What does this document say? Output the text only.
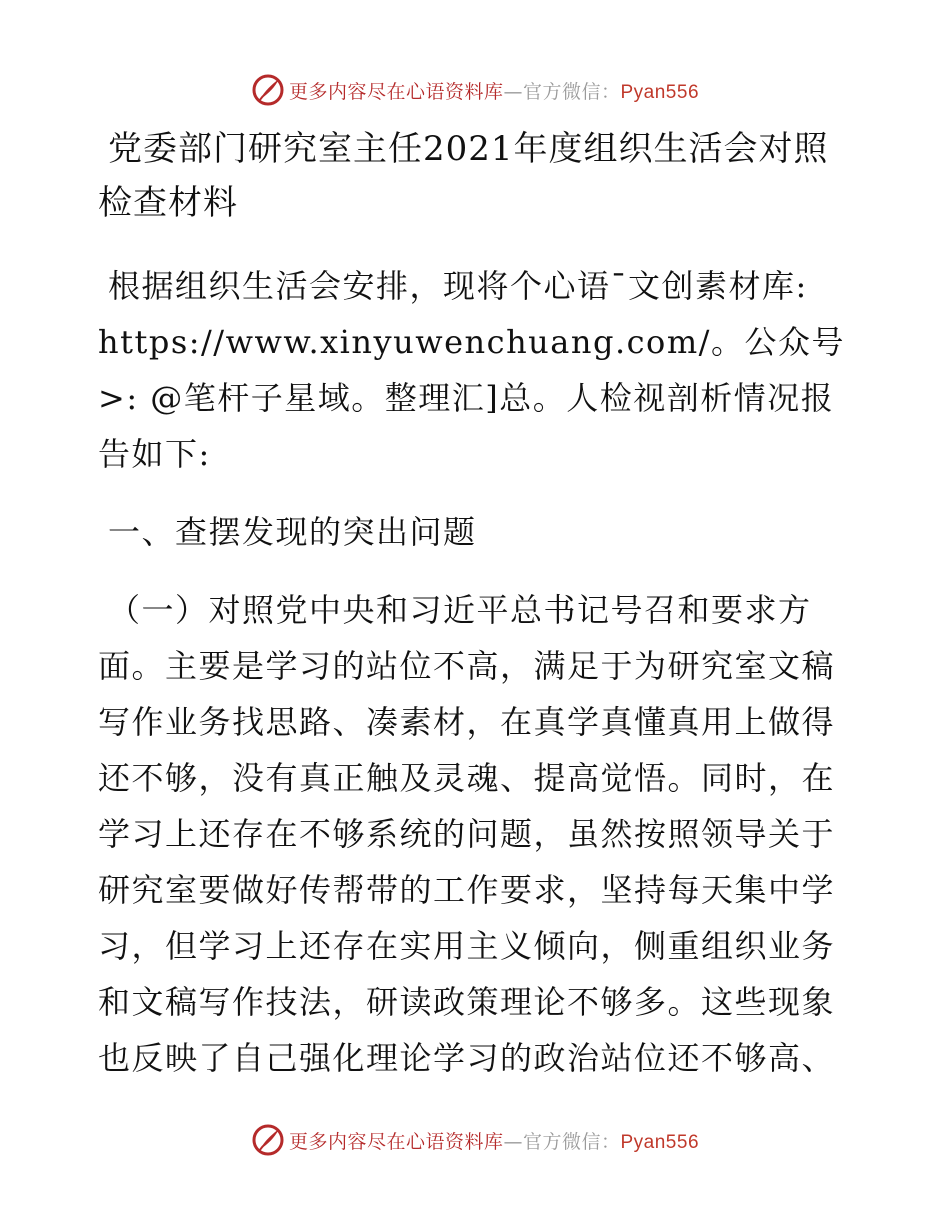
更多内容尽在心语资料库—官方微信：Pyan556
党委部门研究室主任2021年度组织生活会对照检查材料

根据组织生活会安排，现将个心语¯文创素材库: https://www.xinyuwenchuang.com/。公众号>: @笔杆子星域。整理汇]总。人检视剖析情况报告如下:

一、查摆发现的突出问题

（一）对照党中央和习近平总书记号召和要求方面。主要是学习的站位不高，满足于为研究室文稿写作业务找思路、凑素材，在真学真懂真用上做得还不够，没有真正触及灵魂、提高觉悟。同时，在学习上还存在不够系统的问题，虽然按照领导关于研究室要做好传帮带的工作要求，坚持每天集中学习，但学习上还存在实用主义倾向，侧重组织业务和文稿写作技法，研读政策理论不够多。这些现象也反映了自己强化理论学习的政治站位还不够高、

更多内容尽在心语资料库—官方微信：Pyan556
